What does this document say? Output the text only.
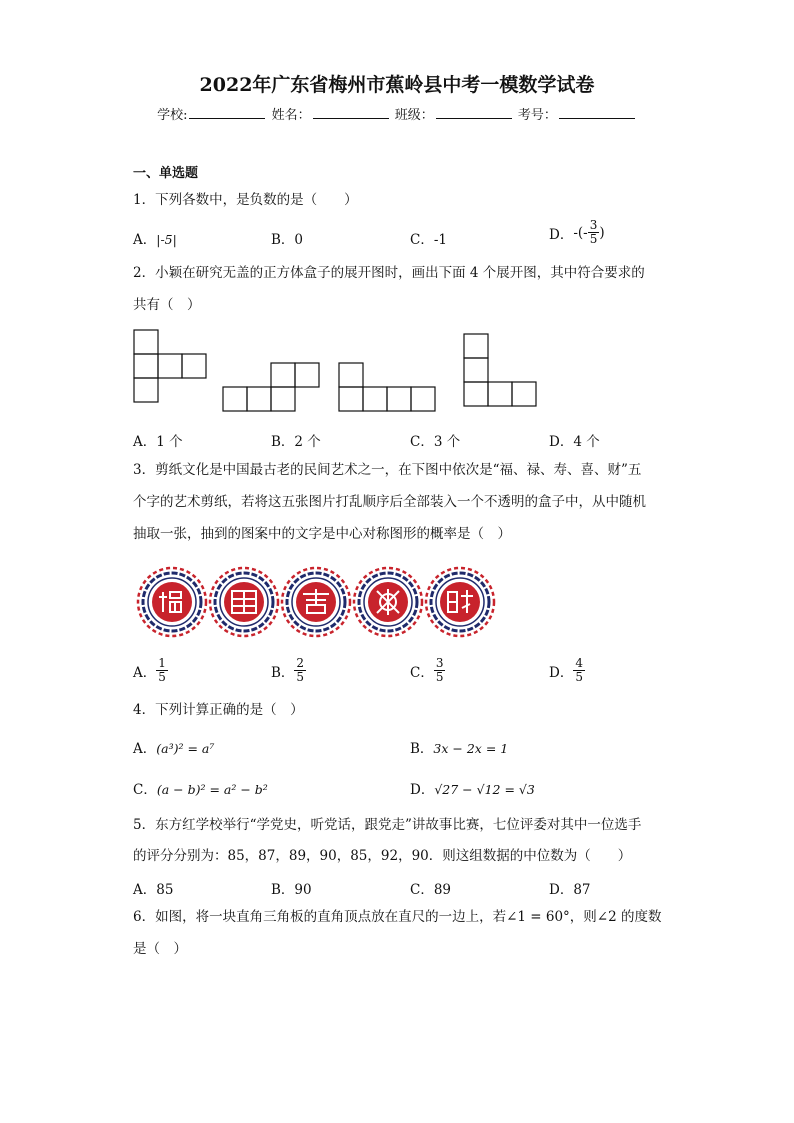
2022年广东省梅州市蕉岭县中考一模数学试卷
学校:	姓名：	班级：	考号：
一、单选题
1．下列各数中，是负数的是（　　）
A．|-5|	B．0	C．-1	D． -(- $\frac{3}{5}$ )
2．小颖在研究无盖的正方体盒子的展开图时，画出下面 4 个展开图，其中符合要求的
共有（　）
A．1 个	B．2 个	C．3 个	D．4 个
3．剪纸文化是中国最古老的民间艺术之一，在下图中依次是“福、禄、寿、喜、财”五
个字的艺术剪纸，若将这五张图片打乱顺序后全部装入一个不透明的盒子中，从中随机
抽取一张，抽到的图案中的文字是中心对称图形的概率是（　）
A． $\frac{1}{5}$	B． $\frac{2}{5}$	C． $\frac{3}{5}$	D． $\frac{4}{5}$
4．下列计算正确的是（　）
A．(a³)² = a⁷	B．3x − 2x = 1
C．(a − b)² = a² − b²	D．√27 − √12 = √3
5．东方红学校举行“学党史，听党话，跟党走”讲故事比赛，七位评委对其中一位选手
的评分分别为：85，87，89，90，85，92，90．则这组数据的中位数为（　　）
A．85	B．90	C．89	D．87
6．如图，将一块直角三角板的直角顶点放在直尺的一边上，若∠1 = 60°，则∠2 的度数
是（　）
